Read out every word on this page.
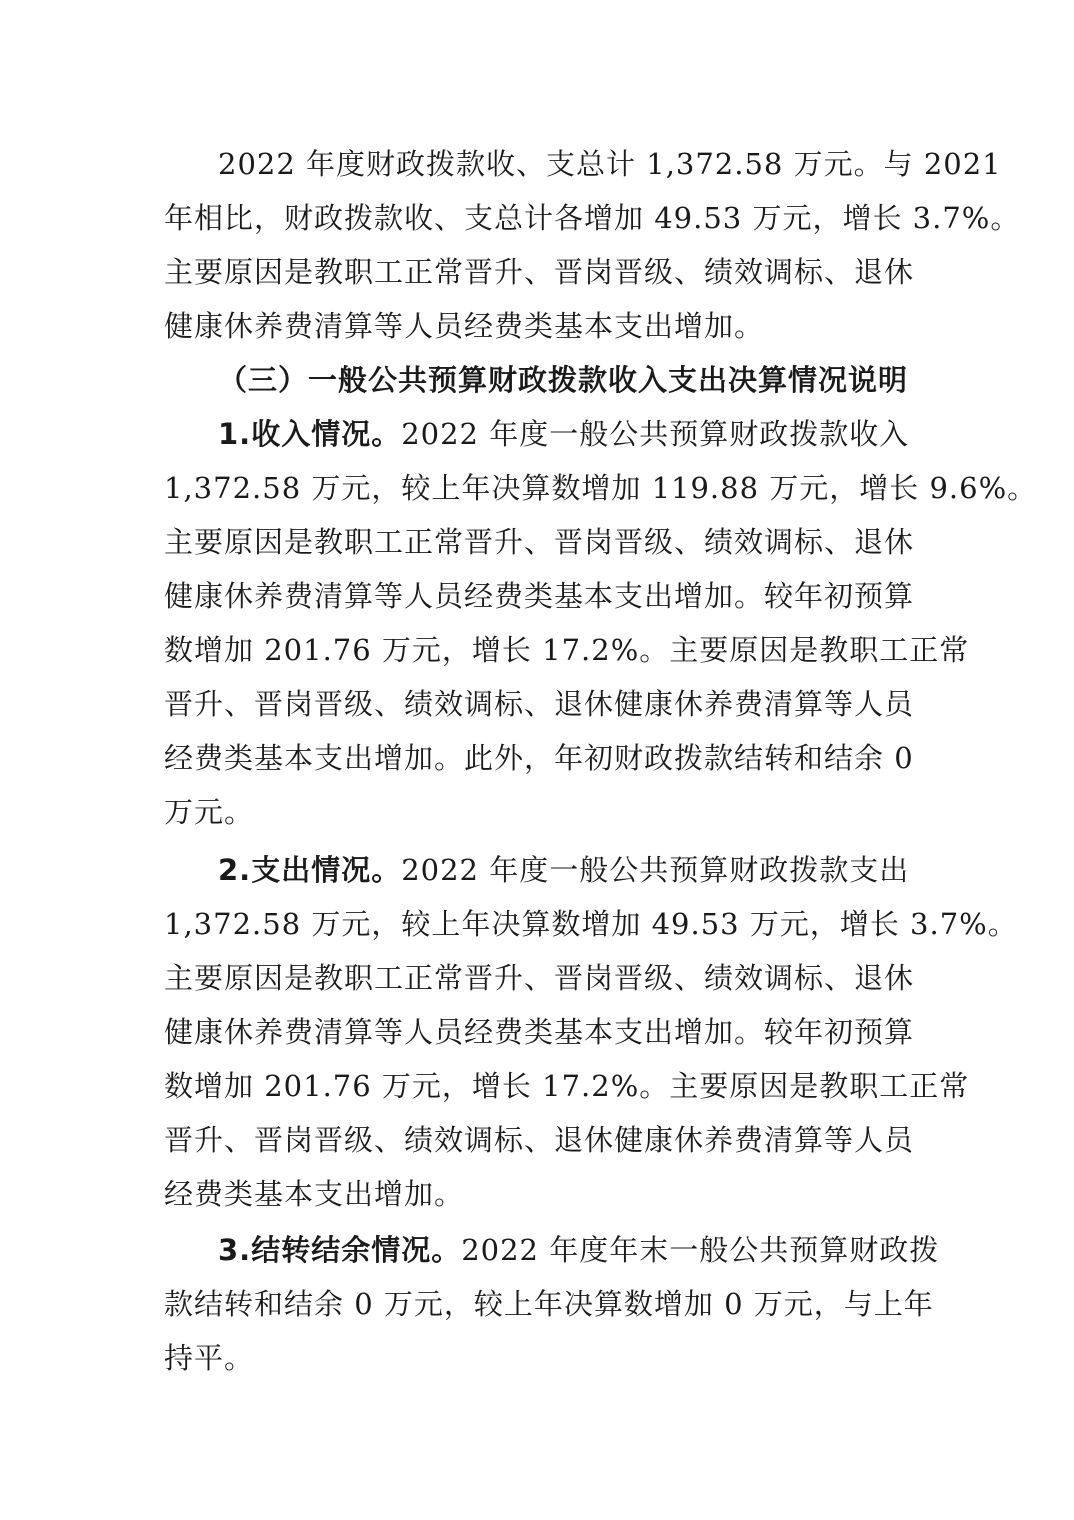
2022 年度财政拨款收、支总计 1,372.58 万元。与 2021
年相比，财政拨款收、支总计各增加 49.53 万元，增长 3.7%。
主要原因是教职工正常晋升、晋岗晋级、绩效调标、退休
健康休养费清算等人员经费类基本支出增加。
（三）一般公共预算财政拨款收入支出决算情况说明
1.收入情况。2022 年度一般公共预算财政拨款收入
1,372.58 万元，较上年决算数增加 119.88 万元，增长 9.6%。
主要原因是教职工正常晋升、晋岗晋级、绩效调标、退休
健康休养费清算等人员经费类基本支出增加。较年初预算
数增加 201.76 万元，增长 17.2%。主要原因是教职工正常
晋升、晋岗晋级、绩效调标、退休健康休养费清算等人员
经费类基本支出增加。此外，年初财政拨款结转和结余 0
万元。
2.支出情况。2022 年度一般公共预算财政拨款支出
1,372.58 万元，较上年决算数增加 49.53 万元，增长 3.7%。
主要原因是教职工正常晋升、晋岗晋级、绩效调标、退休
健康休养费清算等人员经费类基本支出增加。较年初预算
数增加 201.76 万元，增长 17.2%。主要原因是教职工正常
晋升、晋岗晋级、绩效调标、退休健康休养费清算等人员
经费类基本支出增加。
3.结转结余情况。2022 年度年末一般公共预算财政拨
款结转和结余 0 万元，较上年决算数增加 0 万元，与上年
持平。
